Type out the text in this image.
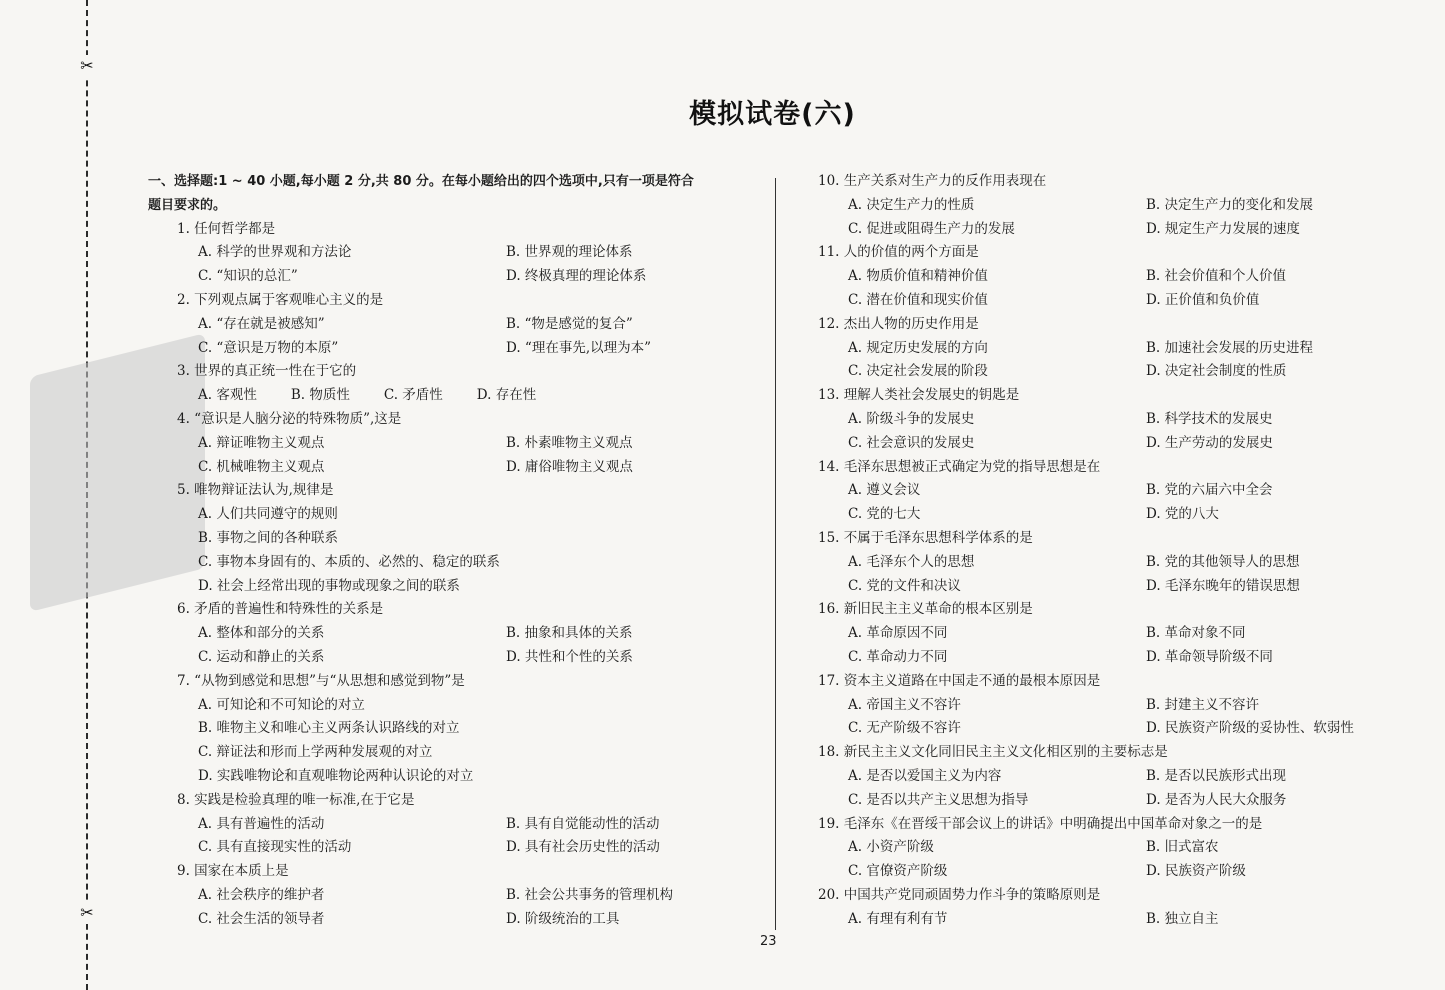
✂
✂
模拟试卷(六)
一、选择题:1 ~ 40 小题,每小题 2 分,共 80 分。在每小题给出的四个选项中,只有一项是符合
题目要求的。
1. 任何哲学都是
A. 科学的世界观和方法论	B. 世界观的理论体系
C. “知识的总汇”	D. 终极真理的理论体系
2. 下列观点属于客观唯心主义的是
A. “存在就是被感知”	B. “物是感觉的复合”
C. “意识是万物的本原”	D. “理在事先,以理为本”
3. 世界的真正统一性在于它的
A. 客观性	B. 物质性	C. 矛盾性	D. 存在性
4. “意识是人脑分泌的特殊物质”,这是
A. 辩证唯物主义观点	B. 朴素唯物主义观点
C. 机械唯物主义观点	D. 庸俗唯物主义观点
5. 唯物辩证法认为,规律是
A. 人们共同遵守的规则
B. 事物之间的各种联系
C. 事物本身固有的、本质的、必然的、稳定的联系
D. 社会上经常出现的事物或现象之间的联系
6. 矛盾的普遍性和特殊性的关系是
A. 整体和部分的关系	B. 抽象和具体的关系
C. 运动和静止的关系	D. 共性和个性的关系
7. “从物到感觉和思想”与“从思想和感觉到物”是
A. 可知论和不可知论的对立
B. 唯物主义和唯心主义两条认识路线的对立
C. 辩证法和形而上学两种发展观的对立
D. 实践唯物论和直观唯物论两种认识论的对立
8. 实践是检验真理的唯一标准,在于它是
A. 具有普遍性的活动	B. 具有自觉能动性的活动
C. 具有直接现实性的活动	D. 具有社会历史性的活动
9. 国家在本质上是
A. 社会秩序的维护者	B. 社会公共事务的管理机构
C. 社会生活的领导者	D. 阶级统治的工具
10. 生产关系对生产力的反作用表现在
A. 决定生产力的性质	B. 决定生产力的变化和发展
C. 促进或阻碍生产力的发展	D. 规定生产力发展的速度
11. 人的价值的两个方面是
A. 物质价值和精神价值	B. 社会价值和个人价值
C. 潜在价值和现实价值	D. 正价值和负价值
12. 杰出人物的历史作用是
A. 规定历史发展的方向	B. 加速社会发展的历史进程
C. 决定社会发展的阶段	D. 决定社会制度的性质
13. 理解人类社会发展史的钥匙是
A. 阶级斗争的发展史	B. 科学技术的发展史
C. 社会意识的发展史	D. 生产劳动的发展史
14. 毛泽东思想被正式确定为党的指导思想是在
A. 遵义会议	B. 党的六届六中全会
C. 党的七大	D. 党的八大
15. 不属于毛泽东思想科学体系的是
A. 毛泽东个人的思想	B. 党的其他领导人的思想
C. 党的文件和决议	D. 毛泽东晚年的错误思想
16. 新旧民主主义革命的根本区别是
A. 革命原因不同	B. 革命对象不同
C. 革命动力不同	D. 革命领导阶级不同
17. 资本主义道路在中国走不通的最根本原因是
A. 帝国主义不容许	B. 封建主义不容许
C. 无产阶级不容许	D. 民族资产阶级的妥协性、软弱性
18. 新民主主义文化同旧民主主义文化相区别的主要标志是
A. 是否以爱国主义为内容	B. 是否以民族形式出现
C. 是否以共产主义思想为指导	D. 是否为人民大众服务
19. 毛泽东《在晋绥干部会议上的讲话》中明确提出中国革命对象之一的是
A. 小资产阶级	B. 旧式富农
C. 官僚资产阶级	D. 民族资产阶级
20. 中国共产党同顽固势力作斗争的策略原则是
A. 有理有利有节	B. 独立自主
23
